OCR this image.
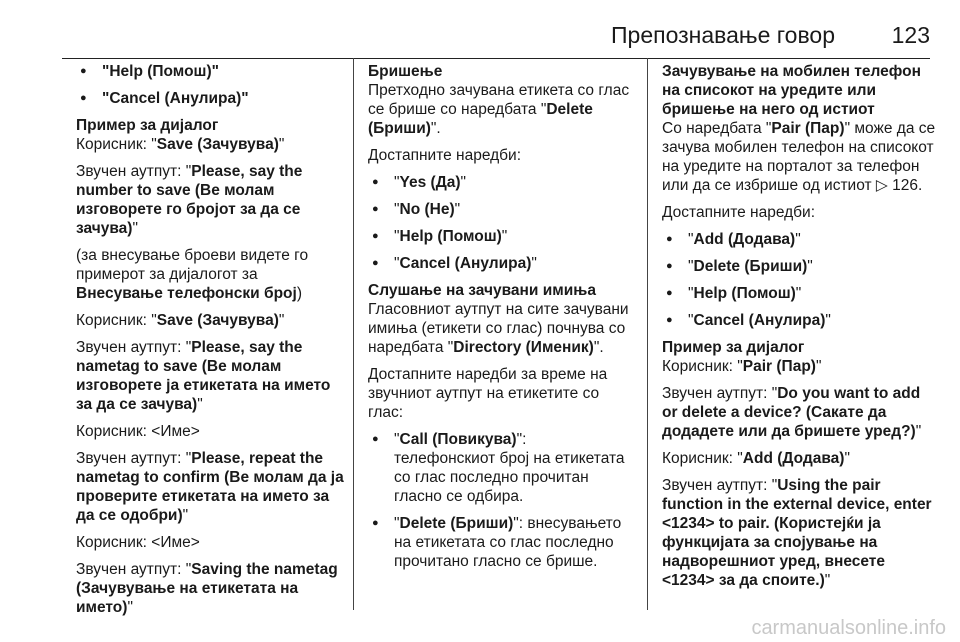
Препознавање говор 123
● "Help (Помош)"
● "Cancel (Анулира)"

Пример за дијалог

Корисник: "Save (Зачувува)"

Звучен аутпут: "Please, say the number to save (Ве молам изговорете го бројот за да се зачува)"

(за внесување броеви видете го примерот за дијалогот за Внесување телефонски број)

Корисник: "Save (Зачувува)"

Звучен аутпут: "Please, say the nametag to save (Ве молам изговорете ја етикетата на името за да се зачува)"

Корисник: <Име>

Звучен аутпут: "Please, repeat the nametag to confirm (Ве молам да ја проверите етикетата на името за да се одобри)"

Корисник: <Име>

Звучен аутпут: "Saving the nametag (Зачувување на етикетата на името)"

Бришење

Претходно зачувана етикета со глас се брише со наредбата "Delete (Бриши)".

Достапните наредби:

● "Yes (Да)"
● "No (Не)"
● "Help (Помош)"
● "Cancel (Анулира)"

Слушање на зачувани имиња

Гласовниот аутпут на сите зачувани имиња (етикети со глас) почнува со наредбата "Directory (Именик)".

Достапните наредби за време на звучниот аутпут на етикетите со глас:

● "Call (Повикува)":
телефонскиот број на етикетата со глас последно прочитан гласно се одбира.
● "Delete (Бриши)": внесувањето на етикетата со глас последно прочитано гласно се брише.

Зачувување на мобилен телефон на списокот на уредите или бришење на него од истиот

Со наредбата "Pair (Пар)" може да се зачува мобилен телефон на списокот на уредите на порталот за телефон или да се избрише од истиот ▷ 126.

Достапните наредби:

● "Add (Додава)"
● "Delete (Бриши)"
● "Help (Помош)"
● "Cancel (Анулира)"

Пример за дијалог

Корисник: "Pair (Пар)"

Звучен аутпут: "Do you want to add or delete a device? (Сакате да додадете или да бришете уред?)"

Корисник: "Add (Додава)"

Звучен аутпут: "Using the pair function in the external device, enter <1234> to pair. (Користејќи ја функцијата за спојување на надворешниот уред, внесете <1234> за да споите.)"

carmanualsonline.info
